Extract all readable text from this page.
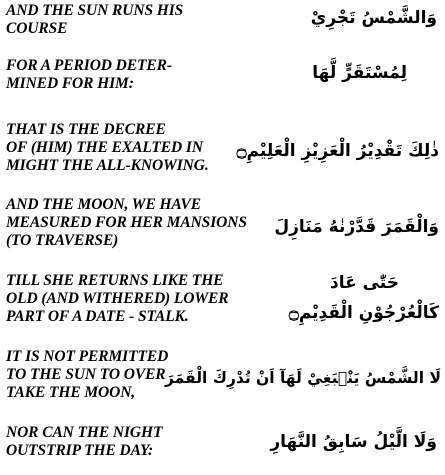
AND THE SUN RUNS HIS
COURSE
وَالشَّمْسُ تَجْرِيْ
FOR A PERIOD DETER-
MINED FOR HIM:
لِمُسْتَقَرٍّ لَّهَا
THAT IS THE DECREE
OF (HIM) THE EXALTED IN
MIGHT THE ALL-KNOWING.
ذٰلِكَ تَقْدِيْرُ الْعَزِيْزِ الْعَلِيْمِ۝
AND THE MOON, WE HAVE
MEASURED FOR HER MANSIONS
(TO TRAVERSE)
وَالْقَمَرَ قَدَّرْنٰهُ مَنَازِلَ
TILL SHE RETURNS LIKE THE
OLD (AND WITHERED) LOWER
PART OF A DATE - STALK.
حَتّٰى عَادَ
كَالْعُرْجُوْنِ الْقَدِيْمِ۝
IT IS NOT PERMITTED
TO THE SUN TO OVER
TAKE THE MOON,
لَا الشَّمْسُ يَنْۢبَغِيْ لَهَآ اَنْ تُدْرِكَ الْقَمَرَ
NOR CAN THE NIGHT
OUTSTRIP THE DAY:	وَلَا الَّيْلُ سَابِقُ النَّهَارِ
